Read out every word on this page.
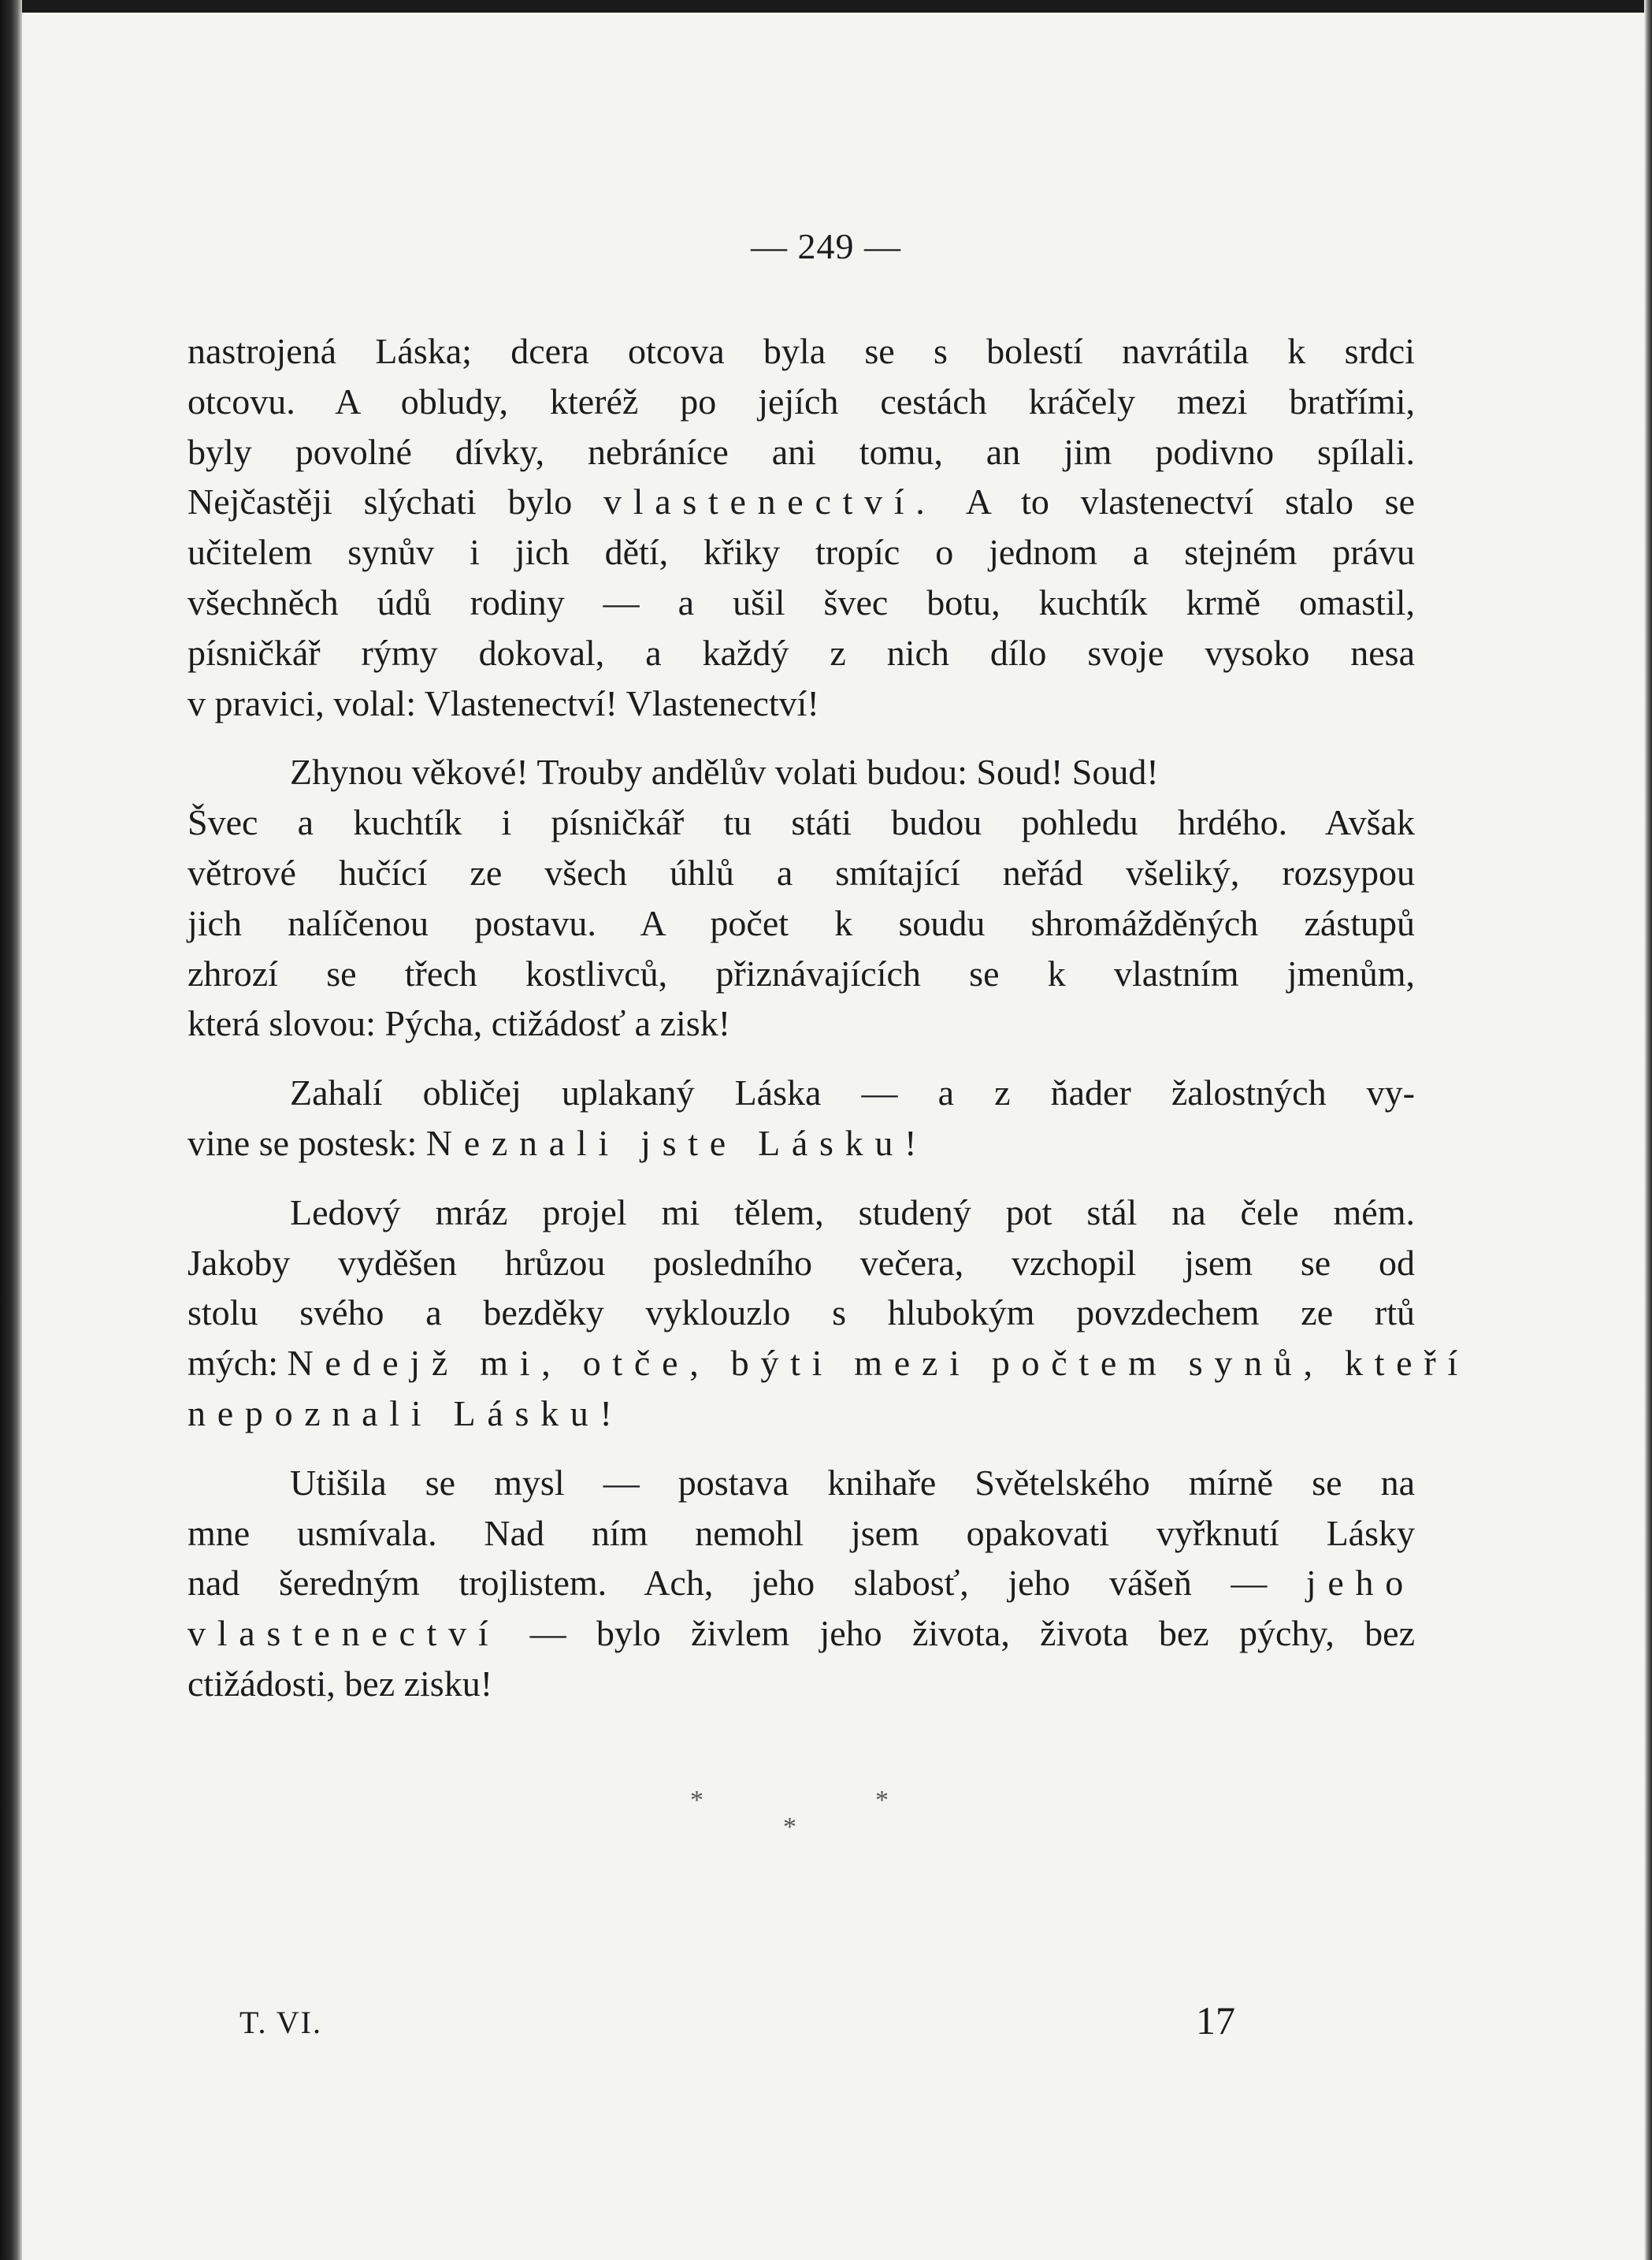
— 249 —
nastrojená Láska; dcera otcova byla se s bolestí navrátila k srdci
otcovu. A obludy, kteréž po jejích cestách kráčely mezi bratřími,
byly povolné dívky, nebráníce ani tomu, an jim podivno spílali.
Nejčastěji slýchati bylo vlastenectví. A to vlastenectví stalo se
učitelem synův i jich dětí, křiky tropíc o jednom a stejném právu
všechněch údů rodiny — a ušil švec botu, kuchtík krmě omastil,
písničkář rýmy dokoval, a každý z nich dílo svoje vysoko nesa
v pravici, volal: Vlastenectví! Vlastenectví!
Zhynou věkové! Trouby andělův volati budou: Soud! Soud!
Švec a kuchtík i písničkář tu státi budou pohledu hrdého. Avšak
větrové hučící ze všech úhlů a smítající neřád všeliký, rozsypou
jich nalíčenou postavu. A počet k soudu shromážděných zástupů
zhrozí se třech kostlivců, přiznávajících se k vlastním jmenům,
která slovou: Pýcha, ctižádosť a zisk!
Zahalí obličej uplakaný Láska — a z ňader žalostných vy-
vine se postesk: Neznali jste Lásku!
Ledový mráz projel mi tělem, studený pot stál na čele mém.
Jakoby vyděšen hrůzou posledního večera, vzchopil jsem se od
stolu svého a bezděky vyklouzlo s hlubokým povzdechem ze rtů
mých: Nedejž mi, otče, býti mezi počtem synů, kteří
nepoznali Lásku!
Utišila se mysl — postava knihaře Světelského mírně se na
mne usmívala. Nad ním nemohl jsem opakovati vyřknutí Lásky
nad šeredným trojlistem. Ach, jeho slabosť, jeho vášeň — jeho
vlastenectví — bylo živlem jeho života, života bez pýchy, bez
ctižádosti, bez zisku!
*
*
*
T. VI.	17
